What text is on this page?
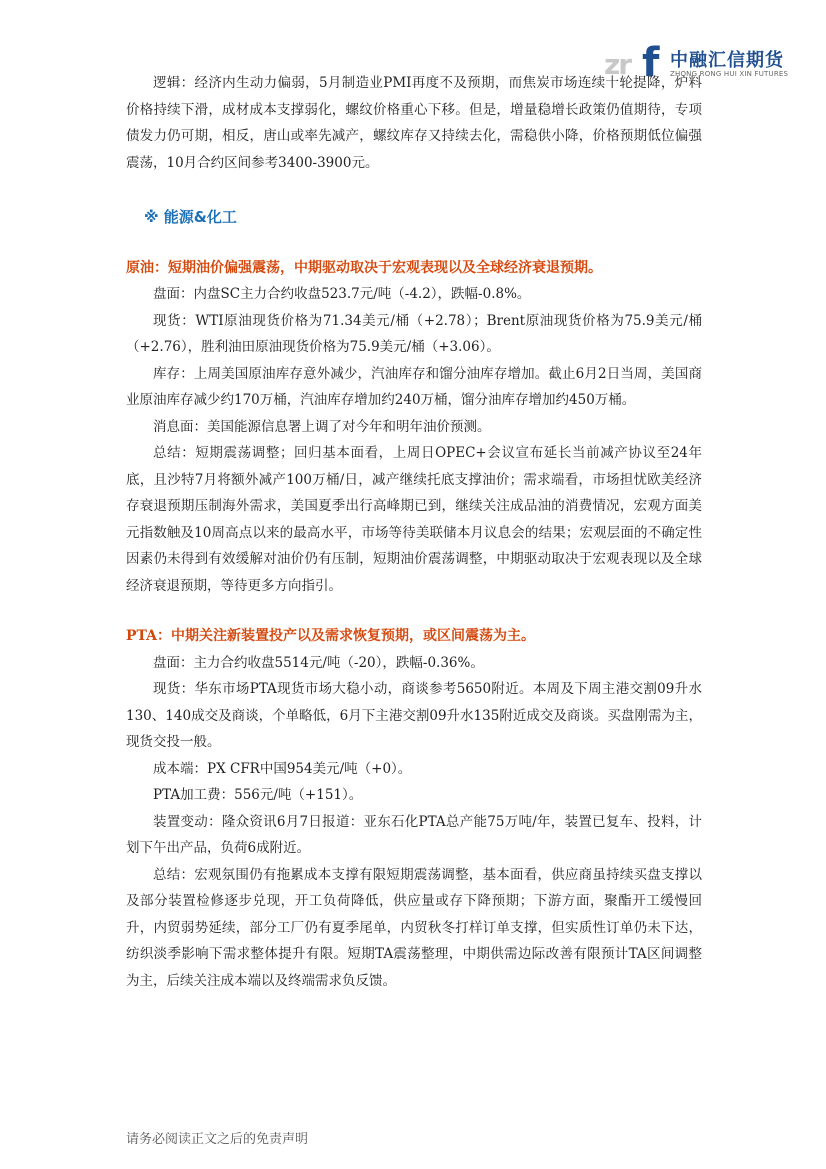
zr f 中融汇信期货
ZHONG RONG HUI XIN FUTURES

逻辑：经济内生动力偏弱，5月制造业PMI再度不及预期，而焦炭市场连续十轮提降，炉料价格持续下滑，成材成本支撑弱化，螺纹价格重心下移。但是，增量稳增长政策仍值期待，专项债发力仍可期，相反，唐山或率先减产，螺纹库存又持续去化，需稳供小降，价格预期低位偏强震荡，10月合约区间参考3400-3900元。

※ 能源&化工

原油：短期油价偏强震荡，中期驱动取决于宏观表现以及全球经济衰退预期。

盘面：内盘SC主力合约收盘523.7元/吨（-4.2），跌幅-0.8%。

现货：WTI原油现货价格为71.34美元/桶（+2.78）；Brent原油现货价格为75.9美元/桶（+2.76），胜利油田原油现货价格为75.9美元/桶（+3.06）。

库存：上周美国原油库存意外减少，汽油库存和馏分油库存增加。截止6月2日当周，美国商业原油库存减少约170万桶，汽油库存增加约240万桶，馏分油库存增加约450万桶。

消息面：美国能源信息署上调了对今年和明年油价预测。

总结：短期震荡调整；回归基本面看，上周日OPEC+会议宣布延长当前减产协议至24年底，且沙特7月将额外减产100万桶/日，减产继续托底支撑油价；需求端看，市场担忧欧美经济存衰退预期压制海外需求，美国夏季出行高峰期已到，继续关注成品油的消费情况，宏观方面美元指数触及10周高点以来的最高水平，市场等待美联储本月议息会的结果；宏观层面的不确定性因素仍未得到有效缓解对油价仍有压制，短期油价震荡调整，中期驱动取决于宏观表现以及全球经济衰退预期，等待更多方向指引。

PTA：中期关注新装置投产以及需求恢复预期，或区间震荡为主。

盘面：主力合约收盘5514元/吨（-20），跌幅-0.36%。

现货：华东市场PTA现货市场大稳小动，商谈参考5650附近。本周及下周主港交割09升水130、140成交及商谈，个单略低，6月下主港交割09升水135附近成交及商谈。买盘刚需为主，现货交投一般。

成本端：PX CFR中国954美元/吨（+0）。

PTA加工费：556元/吨（+151）。

装置变动：隆众资讯6月7日报道：亚东石化PTA总产能75万吨/年，装置已复车、投料，计划下午出产品，负荷6成附近。

总结：宏观氛围仍有拖累成本支撑有限短期震荡调整，基本面看，供应商虽持续买盘支撑以及部分装置检修逐步兑现，开工负荷降低，供应量或存下降预期；下游方面，聚酯开工缓慢回升，内贸弱势延续，部分工厂仍有夏季尾单，内贸秋冬打样订单支撑，但实质性订单仍未下达，纺织淡季影响下需求整体提升有限。短期TA震荡整理，中期供需边际改善有限预计TA区间调整为主，后续关注成本端以及终端需求负反馈。

请务必阅读正文之后的免责声明
